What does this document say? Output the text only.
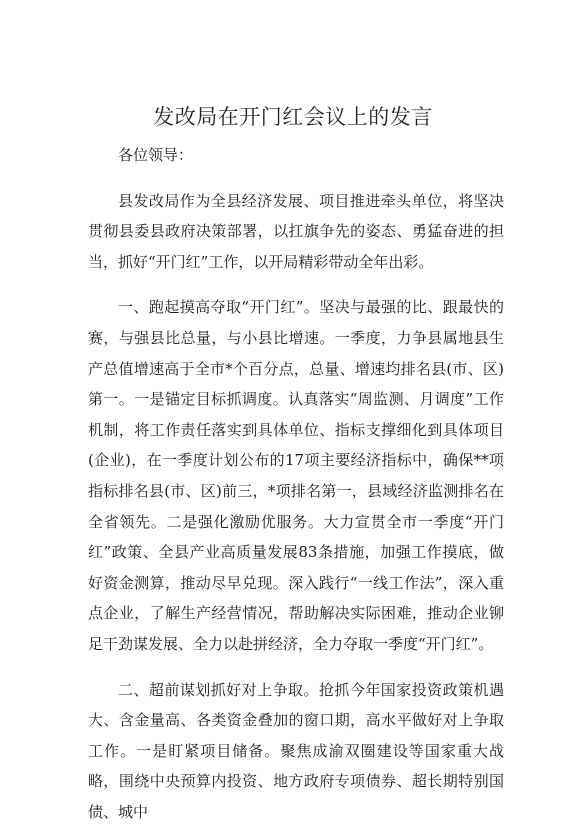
发改局在开门红会议上的发言

各位领导：

县发改局作为全县经济发展、项目推进牵头单位，将坚决贯彻县委县政府决策部署，以扛旗争先的姿态、勇猛奋进的担当，抓好“开门红”工作，以开局精彩带动全年出彩。

一、跑起摸高夺取“开门红”。坚决与最强的比、跟最快的赛，与强县比总量，与小县比增速。一季度，力争县属地县生产总值增速高于全市*个百分点，总量、增速均排名县(市、区)第一。一是锚定目标抓调度。认真落实“周监测、月调度”工作机制，将工作责任落实到具体单位、指标支撑细化到具体项目(企业)，在一季度计划公布的17项主要经济指标中，确保**项指标排名县(市、区)前三，*项排名第一，县域经济监测排名在全省领先。二是强化激励优服务。大力宣贯全市一季度“开门红”政策、全县产业高质量发展83条措施，加强工作摸底，做好资金测算，推动尽早兑现。深入践行“一线工作法”，深入重点企业，了解生产经营情况，帮助解决实际困难，推动企业铆足干劲谋发展、全力以赴拼经济，全力夺取一季度“开门红”。

二、超前谋划抓好对上争取。抢抓今年国家投资政策机遇大、含金量高、各类资金叠加的窗口期，高水平做好对上争取工作。一是盯紧项目储备。聚焦成渝双圈建设等国家重大战略，围绕中央预算内投资、地方政府专项债券、超长期特别国债、城中
